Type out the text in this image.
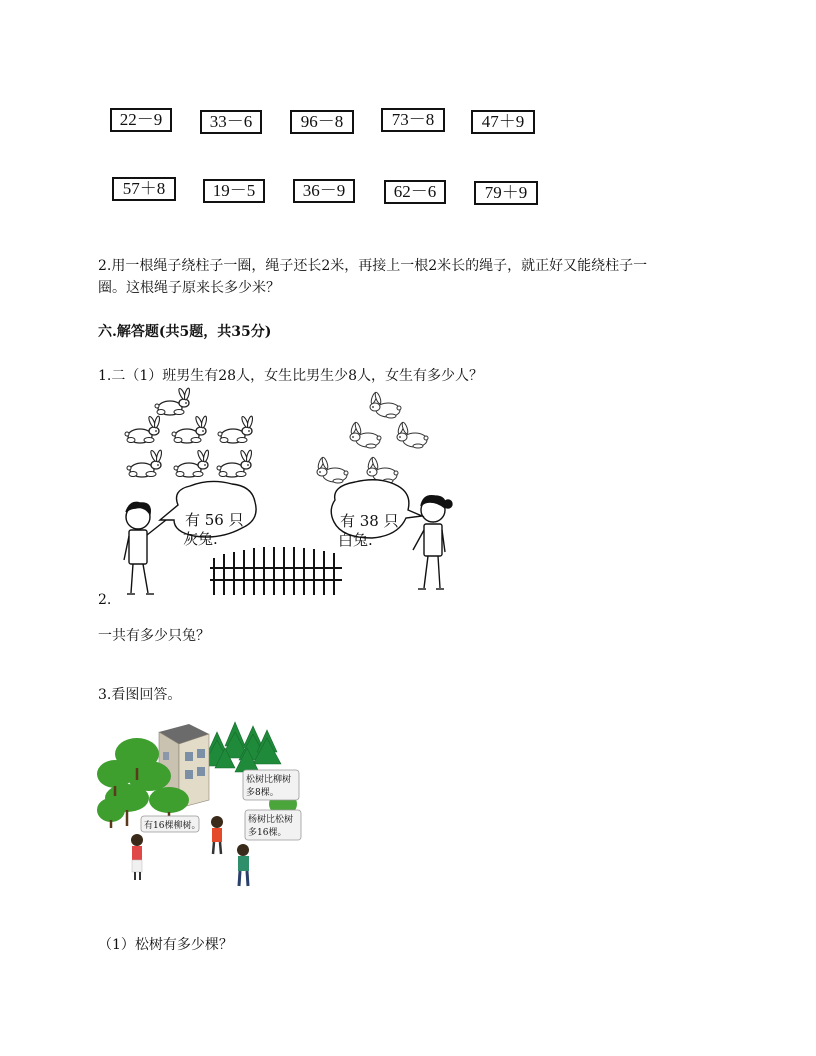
22－9	33－6	96－8	73－8	47＋9
57＋8	19－5	36－9	62－6	79＋9
2.用一根绳子绕柱子一圈，绳子还长2米，再接上一根2米长的绳子，就正好又能绕柱子一
圈。这根绳子原来长多少米？
六.解答题(共5题，共35分)
1.二（1）班男生有28人，女生比男生少8人，女生有多少人？
有 56 只
灰兔.
有 38 只
白兔.
2.
一共有多少只兔？
3.看图回答。
松树比柳树
多8棵。
有16棵柳树。
杨树比松树
多16棵。
（1）松树有多少棵？
